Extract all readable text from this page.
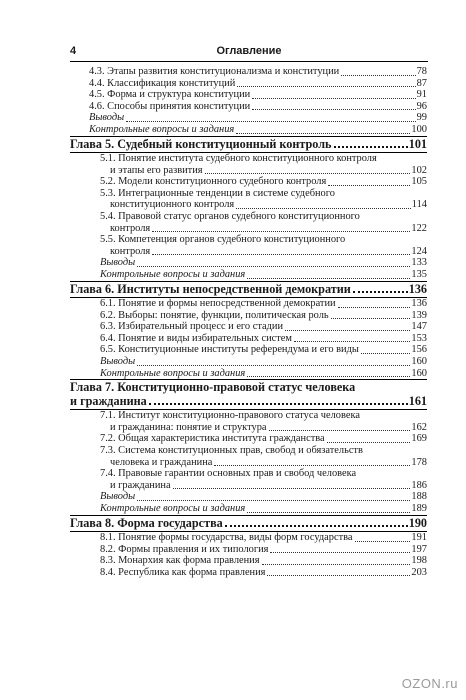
4	Оглавление
4.3. Этапы развития конституционализма и конституции	78
4.4. Классификация конституций	87
4.5. Форма и структура конституции	91
4.6. Способы принятия конституции	96
Выводы	99
Контрольные вопросы и задания	100
Глава 5. Судебный конституционный контроль	101
5.1. Понятие института судебного конституционного контроля
и этапы его развития	102
5.2. Модели конституционного судебного контроля	105
5.3. Интеграционные тенденции в системе судебного
конституционного контроля	114
5.4. Правовой статус органов судебного конституционного
контроля	122
5.5. Компетенция органов судебного конституционного
контроля	124
Выводы	133
Контрольные вопросы и задания	135
Глава 6. Институты непосредственной демократии	136
6.1. Понятие и формы непосредственной демократии	136
6.2. Выборы: понятие, функции, политическая роль	139
6.3. Избирательный процесс и его стадии	147
6.4. Понятие и виды избирательных систем	153
6.5. Конституционные институты референдума и его виды	156
Выводы	160
Контрольные вопросы и задания	160
Глава 7. Конституционно-правовой статус человека
и гражданина	161
7.1. Институт конституционно-правового статуса человека
и гражданина: понятие и структура	162
7.2. Общая характеристика института гражданства	169
7.3. Система конституционных прав, свобод и обязательств
человека и гражданина	178
7.4. Правовые гарантии основных прав и свобод человека
и гражданина	186
Выводы	188
Контрольные вопросы и задания	189
Глава 8. Форма государства	190
8.1. Понятие формы государства, виды форм государства	191
8.2. Формы правления и их типология	197
8.3. Монархия как форма правления	198
8.4. Республика как форма правления	203
OZON.ru
